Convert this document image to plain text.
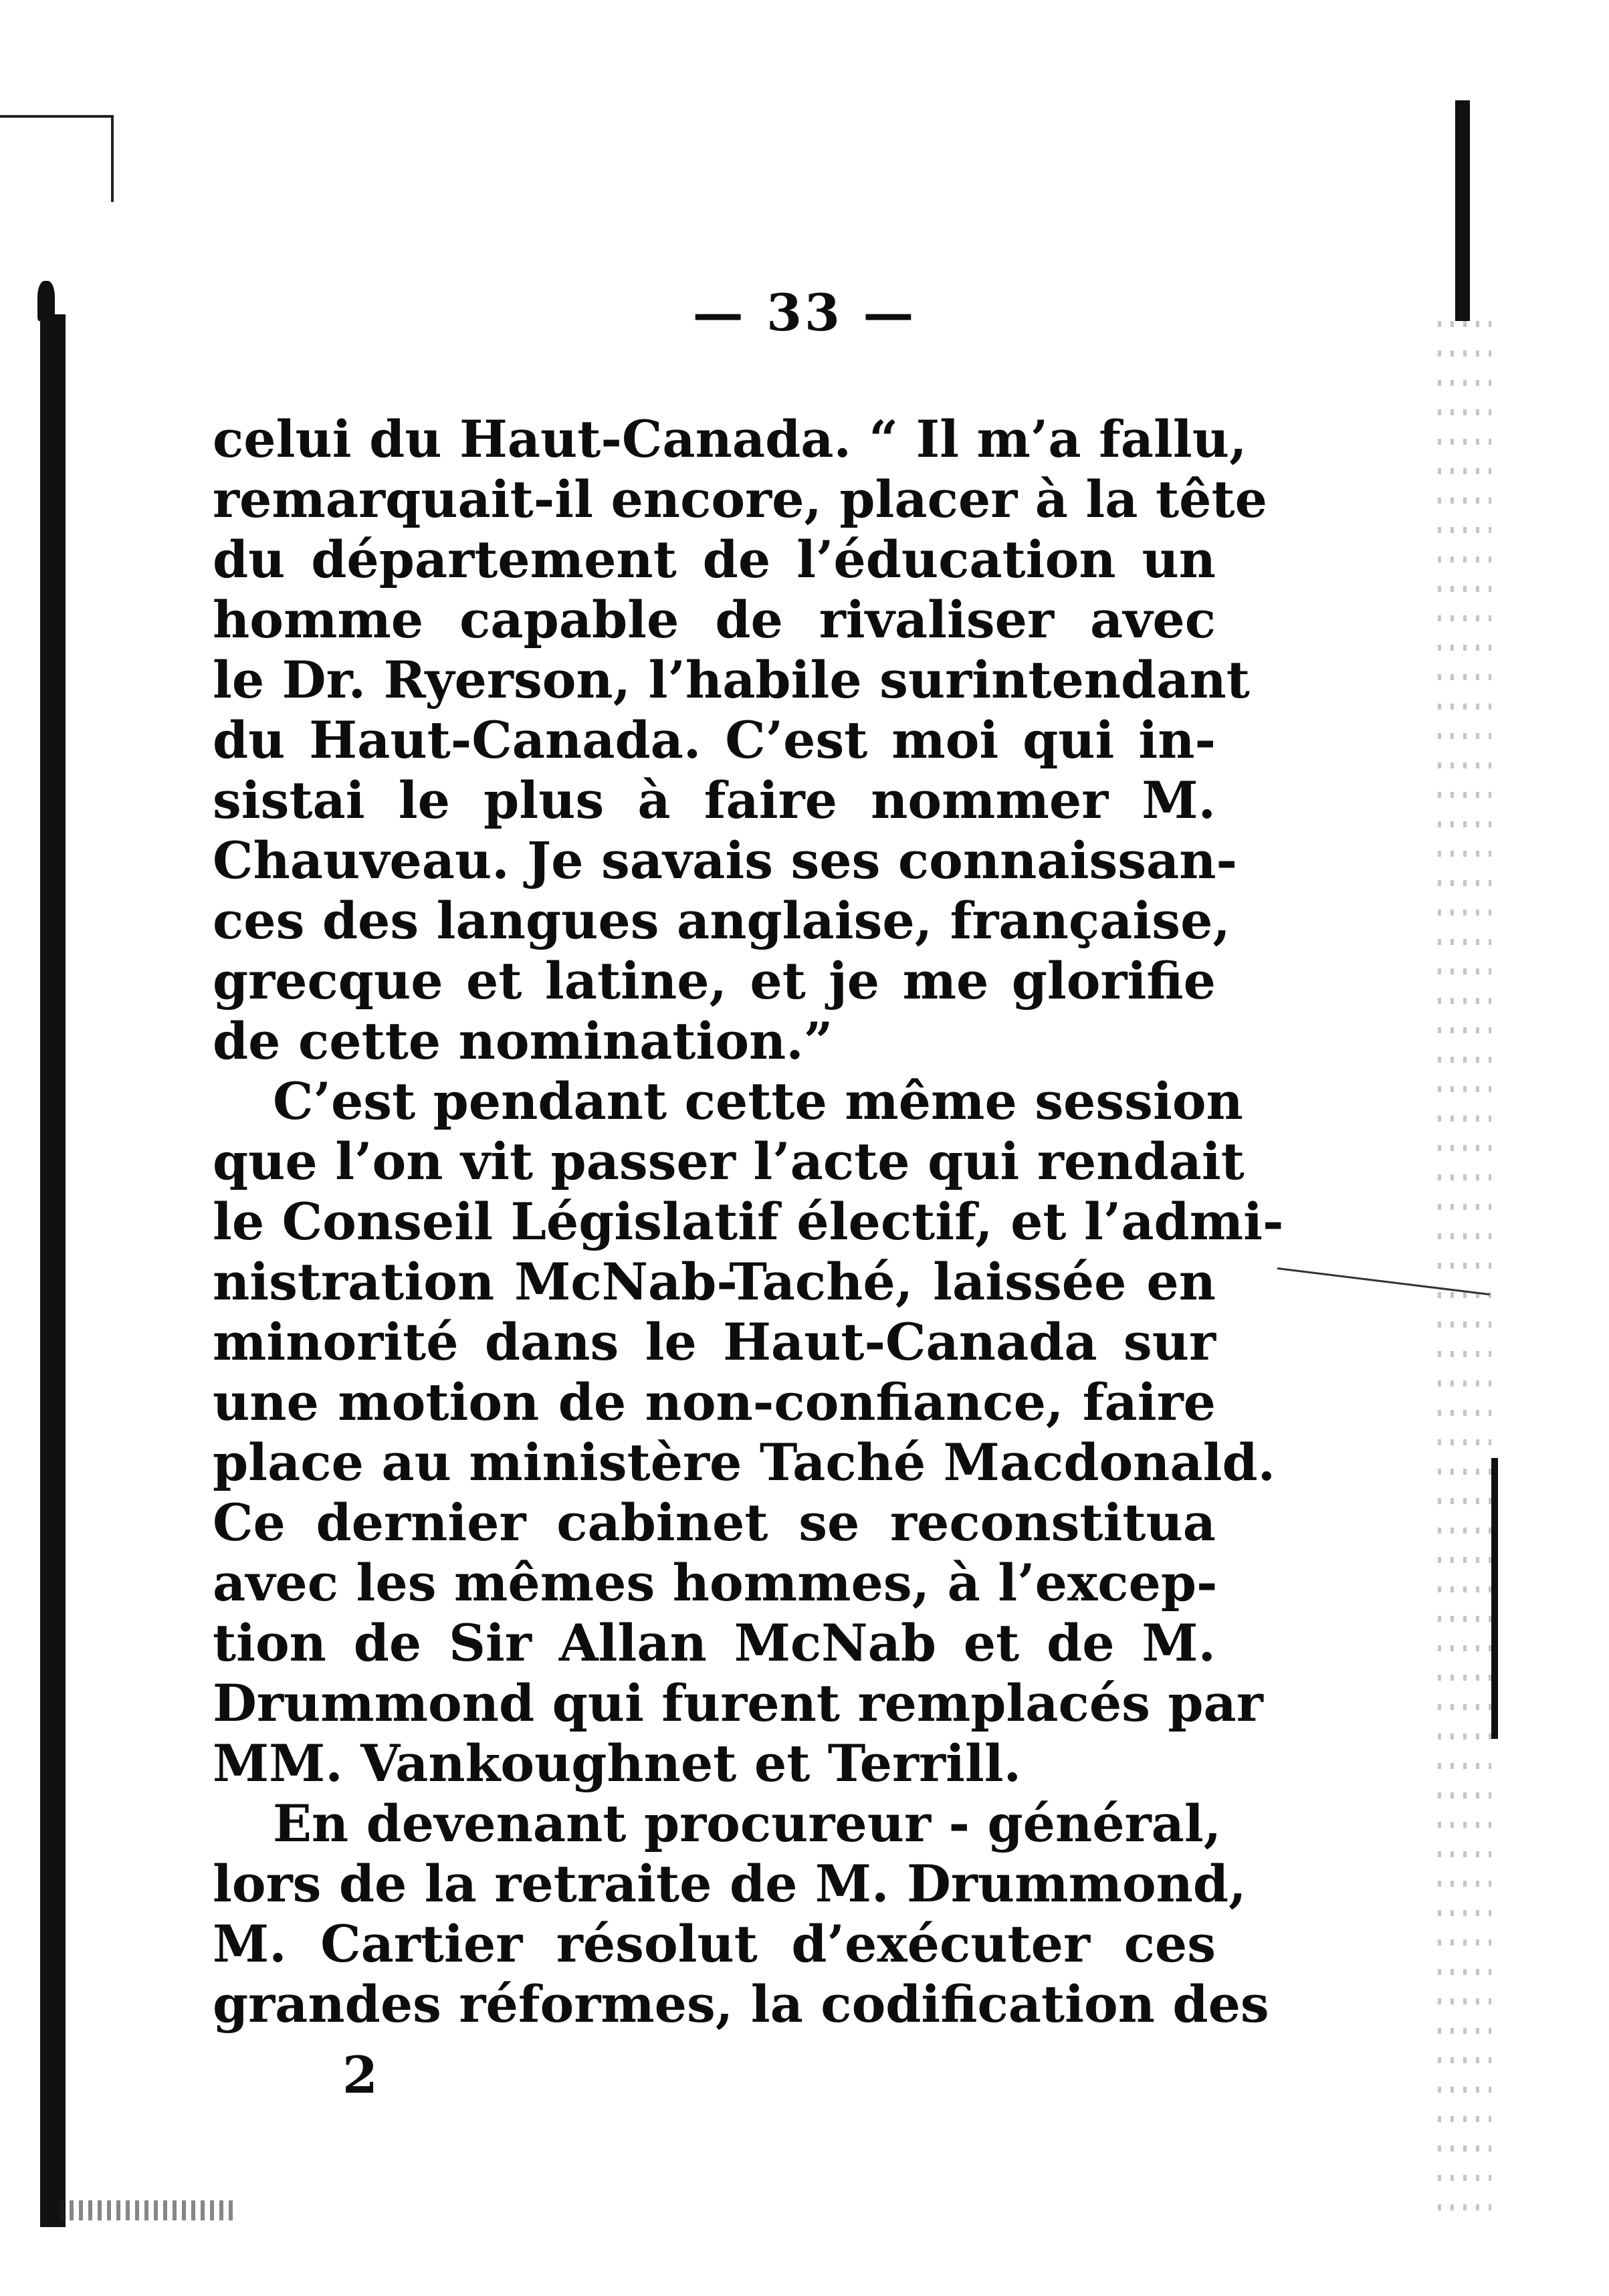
— 33 —
celui du Haut-Canada. “ Il m’a fallu,
remarquait-il encore, placer à la tête
du département de l’éducation un
homme capable de rivaliser avec
le Dr. Ryerson, l’habile surintendant
du Haut-Canada. C’est moi qui in-
sistai le plus à faire nommer M.
Chauveau. Je savais ses connaissan-
ces des langues anglaise, française,
grecque et latine, et je me glorifie
de cette nomination.”
C’est pendant cette même session
que l’on vit passer l’acte qui rendait
le Conseil Législatif électif, et l’admi-
nistration McNab-Taché, laissée en
minorité dans le Haut-Canada sur
une motion de non-confiance, faire
place au ministère Taché Macdonald.
Ce dernier cabinet se reconstitua
avec les mêmes hommes, à l’excep-
tion de Sir Allan McNab et de M.
Drummond qui furent remplacés par
MM. Vankoughnet et Terrill.
En devenant procureur - général,
lors de la retraite de M. Drummond,
M. Cartier résolut d’exécuter ces
grandes réformes, la codification des
2
